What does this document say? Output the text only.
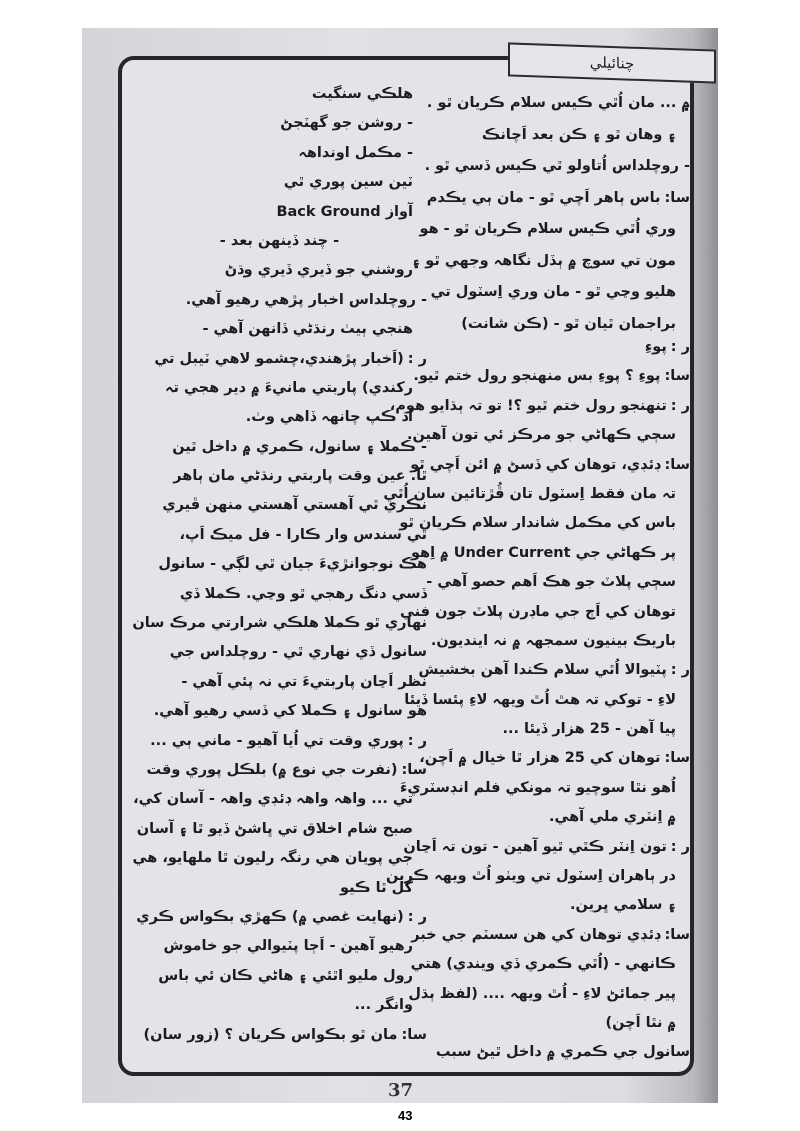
چنائيلي
۾ ... مان اُٿي ڪيس سلام ڪريان ٿو .
۽ وهان ٿو ۽ ڪن بعد اَچانڪ
- روچلداس اُتاولو ٿي ڪيس ڏسي ٿو .
سا:باس ٻاهر اَچي ٿو - مان ٻي يڪدم
وري اُٿي ڪيس سلام ڪريان ٿو - هو
مون تي سوچ ۾ ٻڏل نگاهہ وجهي ٿو ۽
هليو وڃي ٿو - مان وري اِسٽول تي
براجمان ٿيان ٿو - (ڪن شانت)
ر :پوءِ
سا:پوءِ ؟ پوءِ بس منهنجو رول ختم ٿيو.
ر :تنهنجو رول ختم ٿيو ؟! تو تہ ٻڌايو هوم،
سڄي ڪهاڻي جو مرڪز ئي تون آهين.
سا:ڊئڊي، توهان کي ڏسڻ ۾ ائن اَچي ٿو
تہ مان فقط اِسٽول تان ڦُڙتائين سان اُٿي
باس کي مڪمل شاندار سلام ڪريان ٿو
پر ڪهاڻي جي Under Current ۾ اِهو
سڄي پلاٽ جو هڪ اَهم حصو آهي -
توهان کي اَڄ جي ماڊرن پلاٽ جون فني
باريڪ بينيون سمجهہ ۾ نہ اينديون.
ر :پٽيوالا اُٿي سلام ڪندا آهن بخشيش
لاءِ - توکي تہ هٿ اُٿ ويهہ لاءِ پئسا ڏيئا
پيا آهن - 25 هزار ڏيئا ...
سا:توهان کي 25 هزار ٿا خيال ۾ اَچن،
اُهو نٿا سوچيو تہ مونکي فلم انڊسٽريءَ
۾ اِنٽري ملي آهي.
ر :تون اِنٽر ڪٿي ٿيو آهين - تون تہ اَڃان
در ٻاهران اِسٽول تي ويٺو اُٿ ويهہ ڪرين
۽ سلامي ڀرين.
سا:ڊئڊي توهان کي هن سسٽم جي خبر
ڪانهي - (اُٿي ڪمري ڏي ويندي) هتي
پير جمائڻ لاءِ - اُٿ ويهہ .... (لفظ ٻڌل
۾ نٿا اَچن)
سانول جي ڪمري ۾ داخل ٿيڻ سبب
هلڪي سنگيت
- روشن جو گهٽجڻ
- مڪمل اونداهہ
ٽين سين پوري ٿي
آواز Back Ground
- چند ڏينهن بعد -
روشني جو ڏيري ڏيري وڌڻ
- روچلداس اخبار پڙهي رهيو آهي.
هنجي ٻيٺ رنڌڻي ڏانهن آهي -
ر :(اَخبار پڙهندي،چشمو لاهي ٽيبل تي
رکندي) پاربتي مانيءَ ۾ دير هجي تہ
اَڌ ڪپ چانهہ ڏاهي وٺ.
- ڪملا ۽ سانول، ڪمري ۾ داخل ٿين
ٿا. عين وقت پاربتي رنڌڻي مان ٻاهر
نڪري ٿي آهستي آهستي منهن ڦيري
ٿي سندس وار ڪارا - فل ميڪ اَپ،
هڪ نوجوانڙيءَ جيان ٿي لڳي - سانول
ڏسي دنگ رهجي ٿو وڃي. ڪملا ڏي
نهاري ٿو ڪملا هلڪي شرارتي مرڪ سان
سانول ڏي نهاري ٿي - روچلداس جي
نظر اَڃان پاربتيءَ تي نہ پئي آهي -
هو سانول ۽ ڪملا کي ڏسي رهيو آهي.
ر :پوري وقت تي اُيا آهيو - ماني ٻي ...
سا:(نفرت جي نوع ۾) بلڪل پوري وقت
تي ... واهہ واهہ ڊئڊي واهہ - آسان کي،
صبح شام اخلاق تي ڀاشڻ ڏيو ٿا ۽ آسان
جي پويان هي رنگہ رليون ٿا ملهايو، هي
گل ٿا ڪيو
ر :(نهايت غصي ۾) ڪهڙي بڪواس ڪري
رهيو آهين - اَڄا پٽيوالي جو خاموش
رول مليو اٿئي ۽ هاڻي ڪان ئي باس
وانگر ...
سا:مان ٿو بڪواس ڪريان ؟ (زور سان)
37
43
